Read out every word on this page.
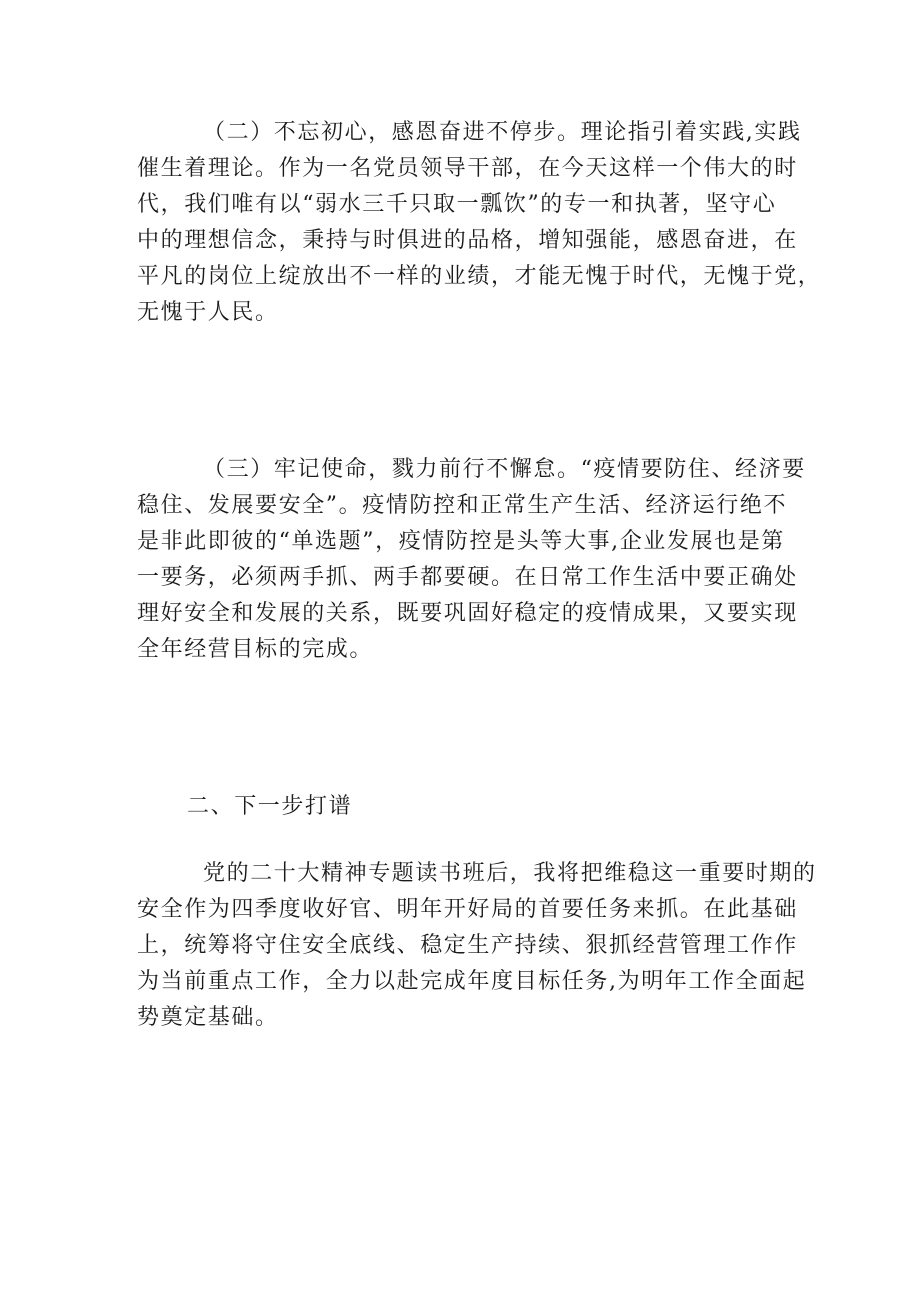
（二）不忘初心，感恩奋进不停步。理论指引着实践,实践
催生着理论。作为一名党员领导干部，在今天这样一个伟大的时
代，我们唯有以“弱水三千只取一瓢饮”的专一和执著，坚守心
中的理想信念，秉持与时俱进的品格，增知强能，感恩奋进，在
平凡的岗位上绽放出不一样的业绩，才能无愧于时代，无愧于党，
无愧于人民。

（三）牢记使命，戮力前行不懈怠。“疫情要防住、经济要
稳住、发展要安全”。疫情防控和正常生产生活、经济运行绝不
是非此即彼的“单选题”，疫情防控是头等大事,企业发展也是第
一要务，必须两手抓、两手都要硬。在日常工作生活中要正确处
理好安全和发展的关系，既要巩固好稳定的疫情成果，又要实现
全年经营目标的完成。

二、下一步打谱

党的二十大精神专题读书班后，我将把维稳这一重要时期的
安全作为四季度收好官、明年开好局的首要任务来抓。在此基础
上，统筹将守住安全底线、稳定生产持续、狠抓经营管理工作作
为当前重点工作，全力以赴完成年度目标任务,为明年工作全面起
势奠定基础。
